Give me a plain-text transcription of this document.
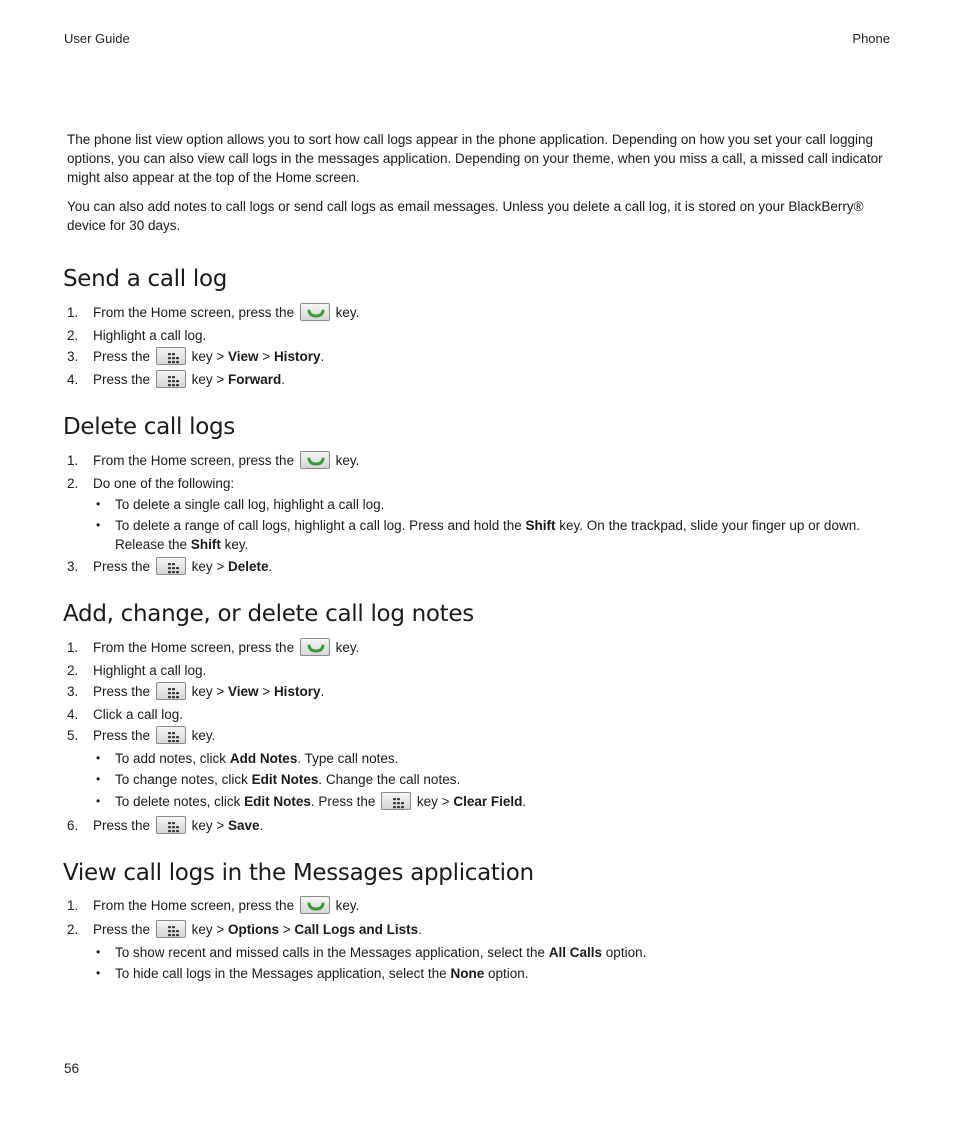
User Guide	Phone
56

The phone list view option allows you to sort how call logs appear in the phone application. Depending on how you set your call logging options, you can also view call logs in the messages application. Depending on your theme, when you miss a call, a missed call indicator might also appear at the top of the Home screen.

You can also add notes to call logs or send call logs as email messages. Unless you delete a call log, it is stored on your BlackBerry® device for 30 days.

Send a call log
1. From the Home screen, press the	key.
2. Highlight a call log.
3. Press the	key > View > History.
4. Press the	key > Forward.
Delete call logs
1. From the Home screen, press the	key.
2. Do one of the following:
• To delete a single call log, highlight a call log.
• To delete a range of call logs, highlight a call log. Press and hold the Shift key. On the trackpad, slide your finger up or down. Release the Shift key.
3. Press the	key > Delete.
Add, change, or delete call log notes
1. From the Home screen, press the	key.
2. Highlight a call log.
3. Press the	key > View > History.
4. Click a call log.
5. Press the	key.
• To add notes, click Add Notes. Type call notes.
• To change notes, click Edit Notes. Change the call notes.
• To delete notes, click Edit Notes. Press the	key > Clear Field.
6. Press the	key > Save.
View call logs in the Messages application
1. From the Home screen, press the	key.
2. Press the	key > Options > Call Logs and Lists.
• To show recent and missed calls in the Messages application, select the All Calls option.
• To hide call logs in the Messages application, select the None option.
